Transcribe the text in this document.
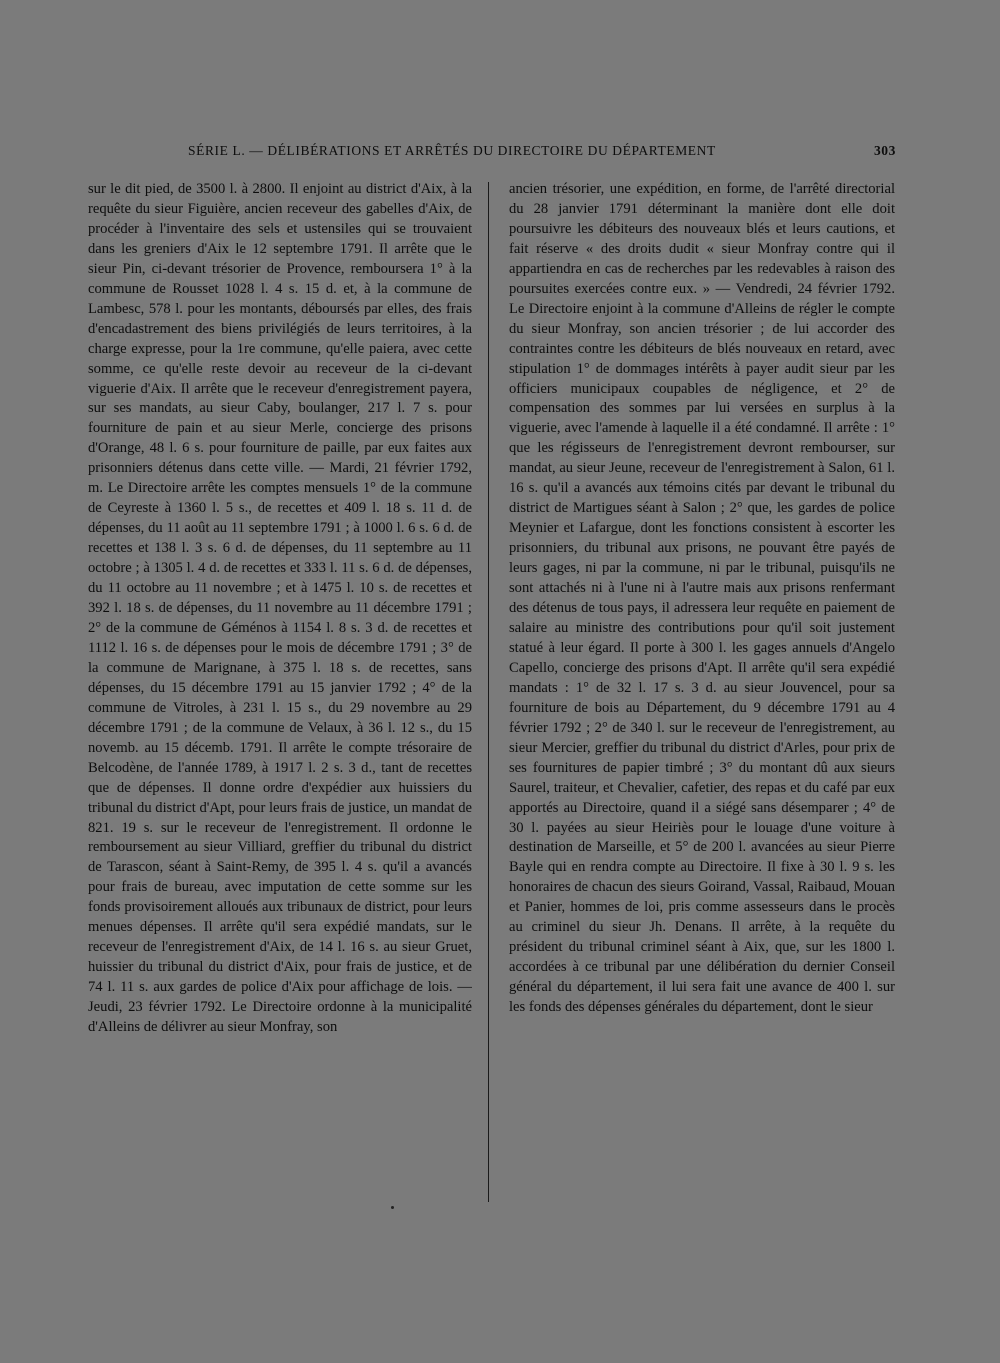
SÉRIE L. — DÉLIBÉRATIONS ET ARRÊTÉS DU DIRECTOIRE DU DÉPARTEMENT	303

sur le dit pied, de 3500 l. à 2800. Il enjoint au district d'Aix, à la requête du sieur Figuière, ancien receveur des gabelles d'Aix, de procéder à l'inventaire des sels et ustensiles qui se trouvaient dans les greniers d'Aix le 12 septembre 1791. Il arrête que le sieur Pin, ci-devant trésorier de Provence, remboursera 1° à la commune de Rousset 1028 l. 4 s. 15 d. et, à la commune de Lambesc, 578 l. pour les montants, déboursés par elles, des frais d'encadastrement des biens privilégiés de leurs territoires, à la charge expresse, pour la 1re commune, qu'elle paiera, avec cette somme, ce qu'elle reste devoir au receveur de la ci-devant viguerie d'Aix. Il arrête que le receveur d'enregistrement payera, sur ses mandats, au sieur Caby, boulanger, 217 l. 7 s. pour fourniture de pain et au sieur Merle, concierge des prisons d'Orange, 48 l. 6 s. pour fourniture de paille, par eux faites aux prisonniers détenus dans cette ville. — Mardi, 21 février 1792, m. Le Directoire arrête les comptes mensuels 1° de la commune de Ceyreste à 1360 l. 5 s., de recettes et 409 l. 18 s. 11 d. de dépenses, du 11 août au 11 septembre 1791 ; à 1000 l. 6 s. 6 d. de recettes et 138 l. 3 s. 6 d. de dépenses, du 11 septembre au 11 octobre ; à 1305 l. 4 d. de recettes et 333 l. 11 s. 6 d. de dépenses, du 11 octobre au 11 novembre ; et à 1475 l. 10 s. de recettes et 392 l. 18 s. de dépenses, du 11 novembre au 11 décembre 1791 ; 2° de la commune de Géménos à 1154 l. 8 s. 3 d. de recettes et 1112 l. 16 s. de dépenses pour le mois de décembre 1791 ; 3° de la commune de Marignane, à 375 l. 18 s. de recettes, sans dépenses, du 15 décembre 1791 au 15 janvier 1792 ; 4° de la commune de Vitroles, à 231 l. 15 s., du 29 novembre au 29 décembre 1791 ; de la commune de Velaux, à 36 l. 12 s., du 15 novemb. au 15 décemb. 1791. Il arrête le compte trésoraire de Belcodène, de l'année 1789, à 1917 l. 2 s. 3 d., tant de recettes que de dépenses. Il donne ordre d'expédier aux huissiers du tribunal du district d'Apt, pour leurs frais de justice, un mandat de 821. 19 s. sur le receveur de l'enregistrement. Il ordonne le remboursement au sieur Villiard, greffier du tribunal du district de Tarascon, séant à Saint-Remy, de 395 l. 4 s. qu'il a avancés pour frais de bureau, avec imputation de cette somme sur les fonds provisoirement alloués aux tribunaux de district, pour leurs menues dépenses. Il arrête qu'il sera expédié mandats, sur le receveur de l'enregistrement d'Aix, de 14 l. 16 s. au sieur Gruet, huissier du tribunal du district d'Aix, pour frais de justice, et de 74 l. 11 s. aux gardes de police d'Aix pour affichage de lois. — Jeudi, 23 février 1792. Le Directoire ordonne à la municipalité d'Alleins de délivrer au sieur Monfray, son

ancien trésorier, une expédition, en forme, de l'arrêté directorial du 28 janvier 1791 déterminant la manière dont elle doit poursuivre les débiteurs des nouveaux blés et leurs cautions, et fait réserve « des droits dudit « sieur Monfray contre qui il appartiendra en cas de recherches par les redevables à raison des poursuites exercées contre eux. » — Vendredi, 24 février 1792. Le Directoire enjoint à la commune d'Alleins de régler le compte du sieur Monfray, son ancien trésorier ; de lui accorder des contraintes contre les débiteurs de blés nouveaux en retard, avec stipulation 1° de dommages intérêts à payer audit sieur par les officiers municipaux coupables de négligence, et 2° de compensation des sommes par lui versées en surplus à la viguerie, avec l'amende à laquelle il a été condamné. Il arrête : 1° que les régisseurs de l'enregistrement devront rembourser, sur mandat, au sieur Jeune, receveur de l'enregistrement à Salon, 61 l. 16 s. qu'il a avancés aux témoins cités par devant le tribunal du district de Martigues séant à Salon ; 2° que, les gardes de police Meynier et Lafargue, dont les fonctions consistent à escorter les prisonniers, du tribunal aux prisons, ne pouvant être payés de leurs gages, ni par la commune, ni par le tribunal, puisqu'ils ne sont attachés ni à l'une ni à l'autre mais aux prisons renfermant des détenus de tous pays, il adressera leur requête en paiement de salaire au ministre des contributions pour qu'il soit justement statué à leur égard. Il porte à 300 l. les gages annuels d'Angelo Capello, concierge des prisons d'Apt. Il arrête qu'il sera expédié mandats : 1° de 32 l. 17 s. 3 d. au sieur Jouvencel, pour sa fourniture de bois au Département, du 9 décembre 1791 au 4 février 1792 ; 2° de 340 l. sur le receveur de l'enregistrement, au sieur Mercier, greffier du tribunal du district d'Arles, pour prix de ses fournitures de papier timbré ; 3° du montant dû aux sieurs Saurel, traiteur, et Chevalier, cafetier, des repas et du café par eux apportés au Directoire, quand il a siégé sans désemparer ; 4° de 30 l. payées au sieur Heiriès pour le louage d'une voiture à destination de Marseille, et 5° de 200 l. avancées au sieur Pierre Bayle qui en rendra compte au Directoire. Il fixe à 30 l. 9 s. les honoraires de chacun des sieurs Goirand, Vassal, Raibaud, Mouan et Panier, hommes de loi, pris comme assesseurs dans le procès au criminel du sieur Jh. Denans. Il arrête, à la requête du président du tribunal criminel séant à Aix, que, sur les 1800 l. accordées à ce tribunal par une délibération du dernier Conseil général du département, il lui sera fait une avance de 400 l. sur les fonds des dépenses générales du département, dont le sieur
